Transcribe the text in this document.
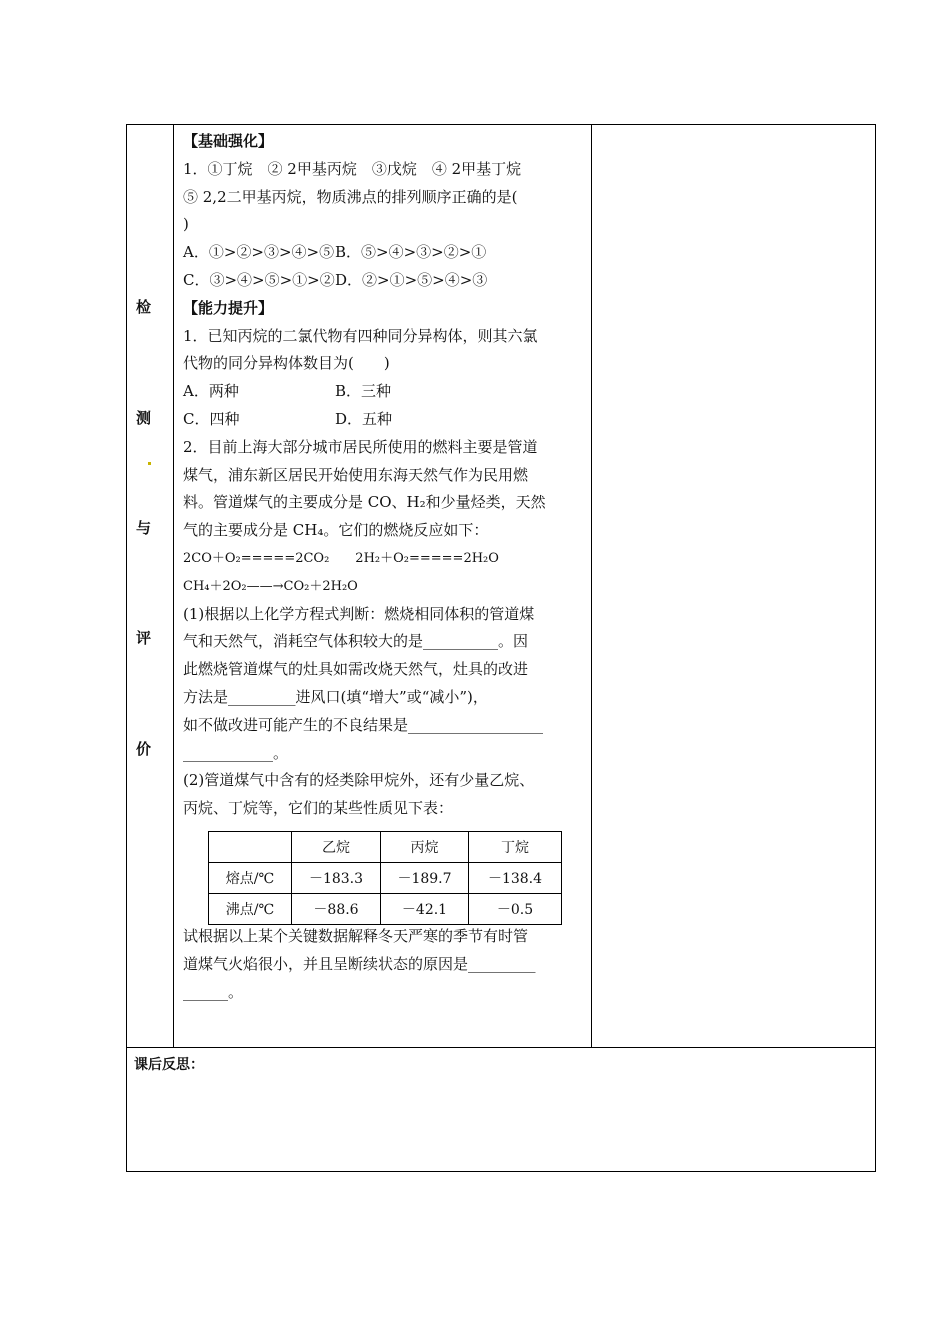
检
测
与
评
价
【基础强化】
1．①丁烷　② 2甲基丙烷　③戊烷　④ 2甲基丁烷
⑤ 2,2二甲基丙烷，物质沸点的排列顺序正确的是(
)
A．①>②>③>④>⑤ B．⑤>④>③>②>①
C．③>④>⑤>①>② D．②>①>⑤>④>③
【能力提升】
1．已知丙烷的二氯代物有四种同分异构体，则其六氯
代物的同分异构体数目为(　　)
A．两种	B．三种
C．四种	D．五种
2．目前上海大部分城市居民所使用的燃料主要是管道
煤气，浦东新区居民开始使用东海天然气作为民用燃
料。管道煤气的主要成分是 CO、H₂和少量烃类，天然
气的主要成分是 CH₄。它们的燃烧反应如下：
2CO＋O₂=====2CO₂　　2H₂＋O₂=====2H₂O
CH₄＋2O₂——→CO₂＋2H₂O
(1)根据以上化学方程式判断：燃烧相同体积的管道煤
气和天然气，消耗空气体积较大的是__________。因
此燃烧管道煤气的灶具如需改烧天然气，灶具的改进
方法是_________进风口(填“增大”或“减小”)，
如不做改进可能产生的不良结果是__________________
____________。
(2)管道煤气中含有的烃类除甲烷外，还有少量乙烷、
丙烷、丁烷等，它们的某些性质见下表：
	乙烷	丙烷	丁烷
熔点/℃	－183.3	－189.7	－138.4
沸点/℃	－88.6	－42.1	－0.5
试根据以上某个关键数据解释冬天严寒的季节有时管
道煤气火焰很小，并且呈断续状态的原因是_________
______。
课后反思：
